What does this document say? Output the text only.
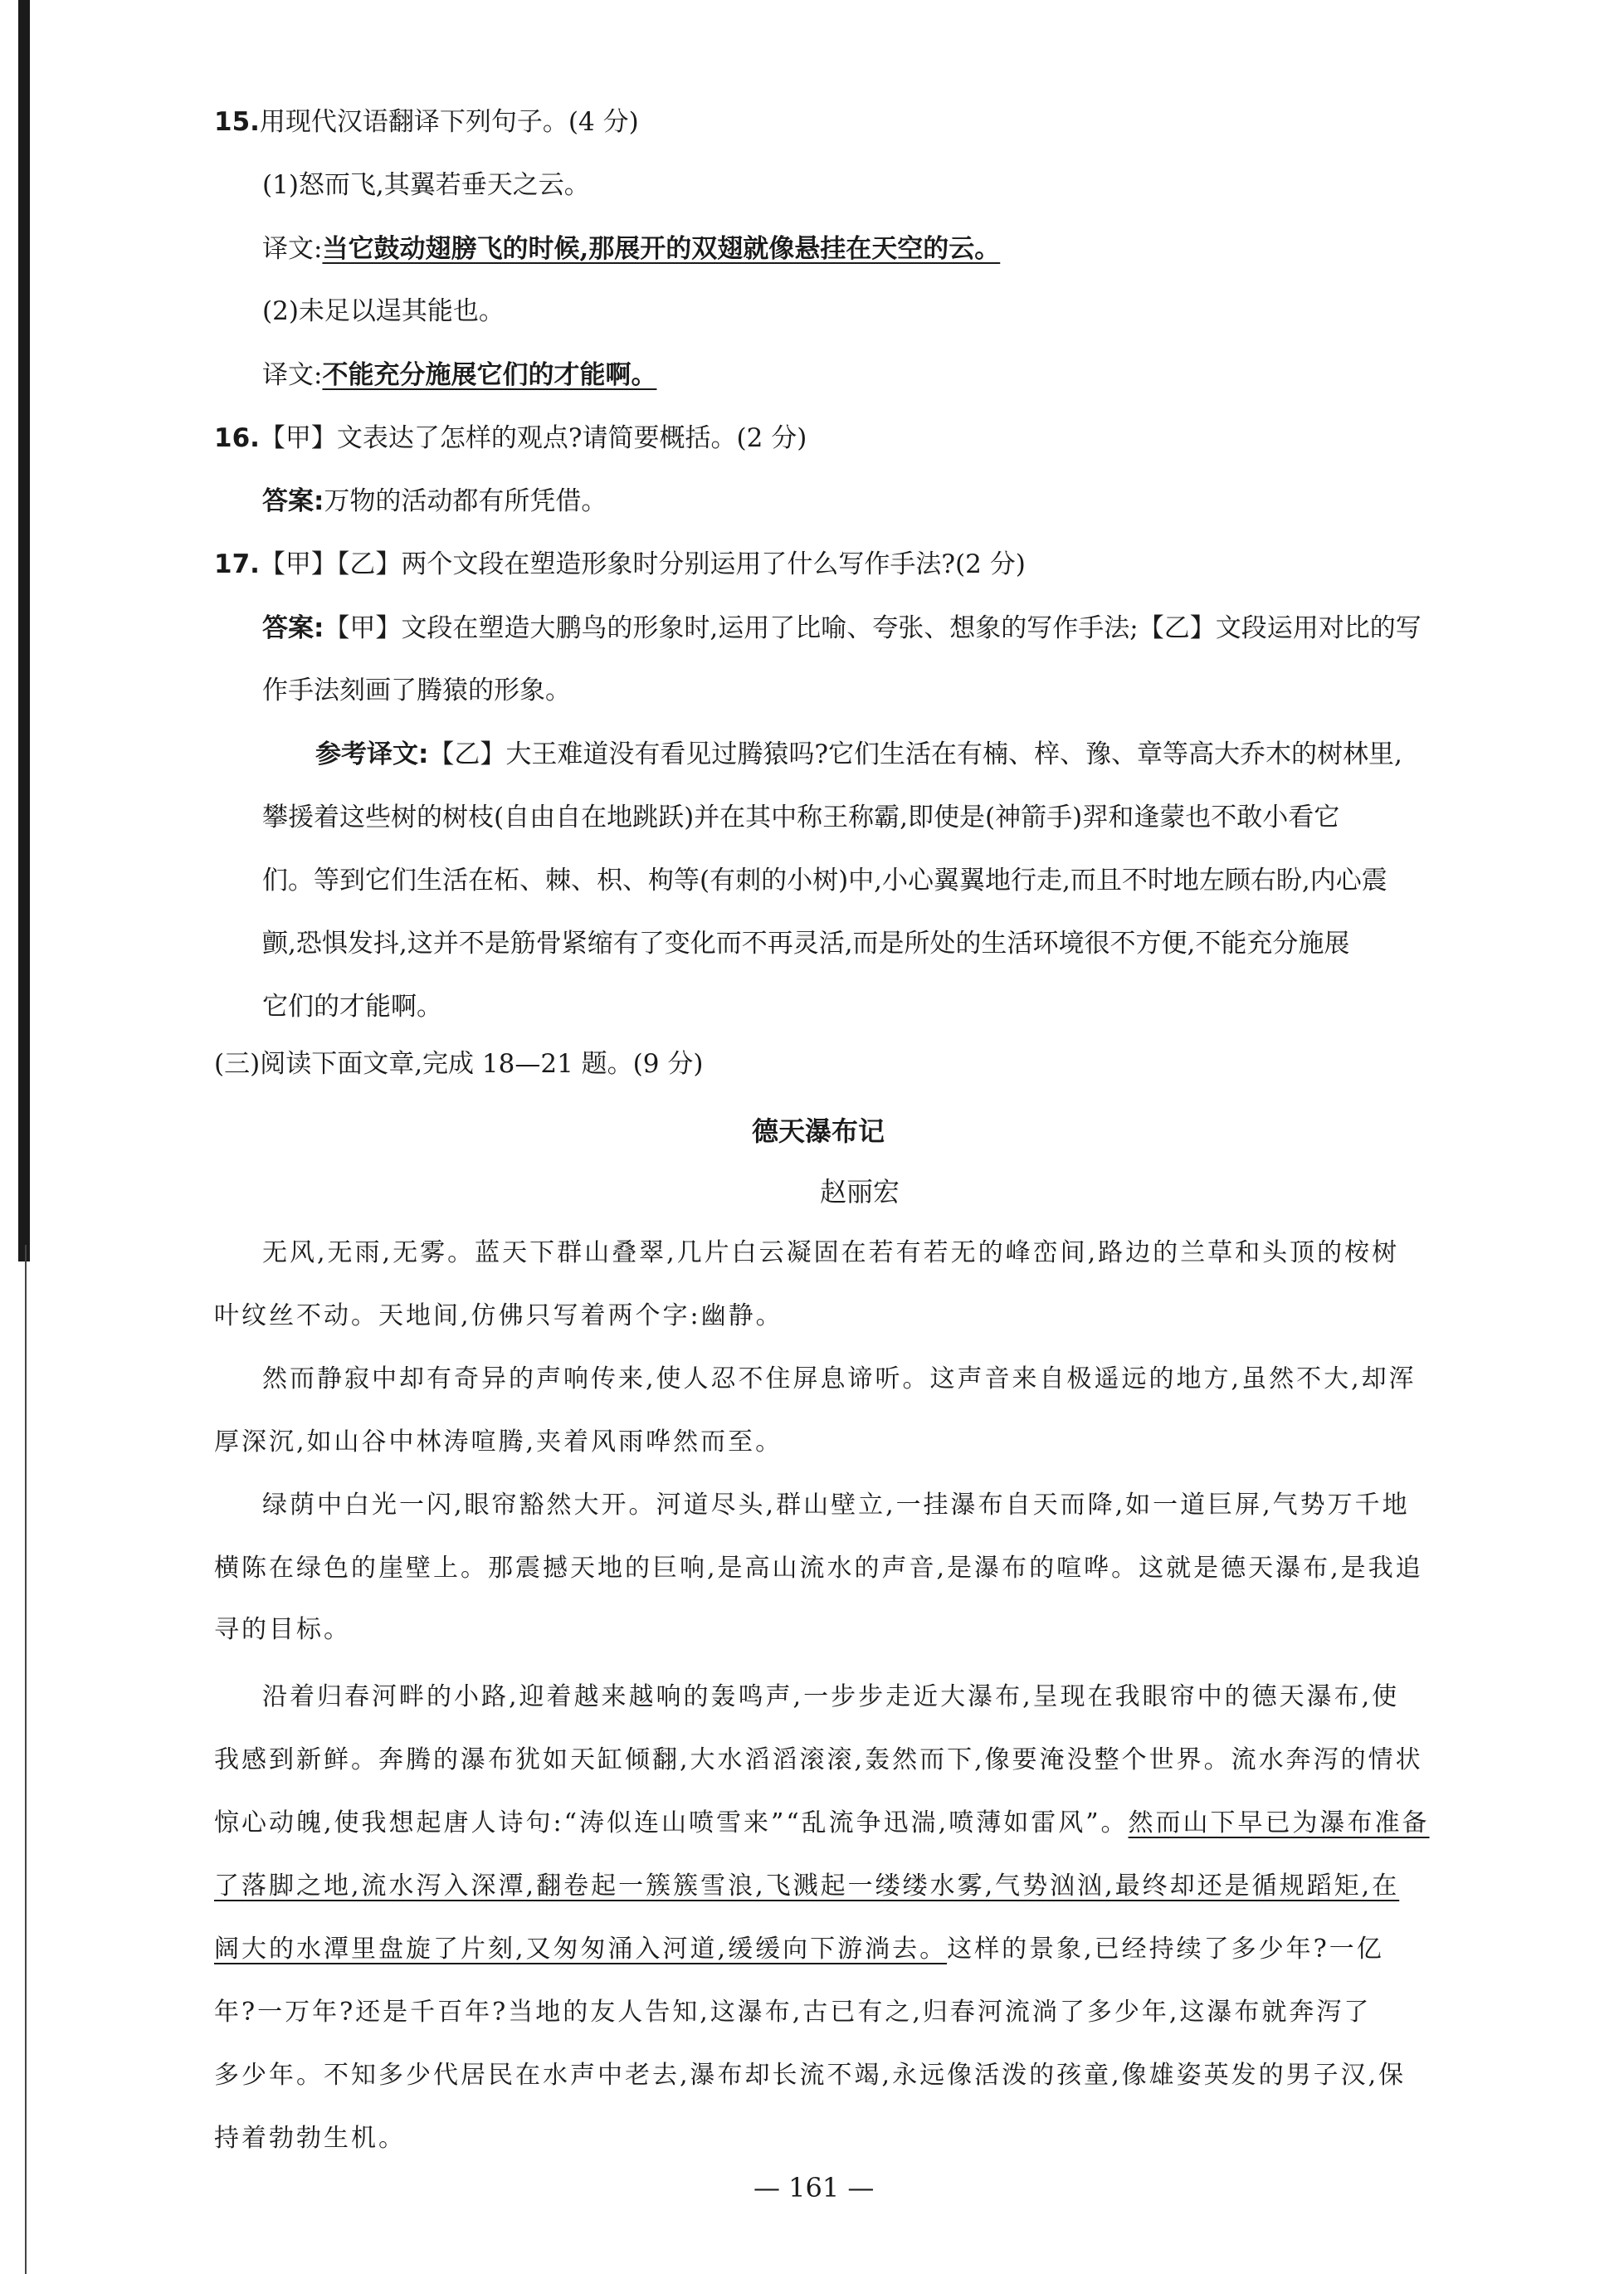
15.用现代汉语翻译下列句子。(4 分)
(1)怒而飞,其翼若垂天之云。
译文:当它鼓动翅膀飞的时候,那展开的双翅就像悬挂在天空的云。
(2)未足以逞其能也。
译文:不能充分施展它们的才能啊。
16.【甲】文表达了怎样的观点?请简要概括。(2 分)
答案:万物的活动都有所凭借。
17.【甲】【乙】两个文段在塑造形象时分别运用了什么写作手法?(2 分)
答案:【甲】文段在塑造大鹏鸟的形象时,运用了比喻、夸张、想象的写作手法;【乙】文段运用对比的写
作手法刻画了腾猿的形象。
参考译文:【乙】大王难道没有看见过腾猿吗?它们生活在有楠、梓、豫、章等高大乔木的树林里,
攀援着这些树的树枝(自由自在地跳跃)并在其中称王称霸,即使是(神箭手)羿和逢蒙也不敢小看它
们。等到它们生活在柘、棘、枳、枸等(有刺的小树)中,小心翼翼地行走,而且不时地左顾右盼,内心震
颤,恐惧发抖,这并不是筋骨紧缩有了变化而不再灵活,而是所处的生活环境很不方便,不能充分施展
它们的才能啊。
(三)阅读下面文章,完成 18—21 题。(9 分)
德天瀑布记
赵丽宏
无风,无雨,无雾。蓝天下群山叠翠,几片白云凝固在若有若无的峰峦间,路边的兰草和头顶的桉树
叶纹丝不动。天地间,仿佛只写着两个字:幽静。
然而静寂中却有奇异的声响传来,使人忍不住屏息谛听。这声音来自极遥远的地方,虽然不大,却浑
厚深沉,如山谷中林涛喧腾,夹着风雨哗然而至。
绿荫中白光一闪,眼帘豁然大开。河道尽头,群山壁立,一挂瀑布自天而降,如一道巨屏,气势万千地
横陈在绿色的崖壁上。那震撼天地的巨响,是高山流水的声音,是瀑布的喧哗。这就是德天瀑布,是我追
寻的目标。
沿着归春河畔的小路,迎着越来越响的轰鸣声,一步步走近大瀑布,呈现在我眼帘中的德天瀑布,使
我感到新鲜。奔腾的瀑布犹如天缸倾翻,大水滔滔滚滚,轰然而下,像要淹没整个世界。流水奔泻的情状
惊心动魄,使我想起唐人诗句:“涛似连山喷雪来”“乱流争迅湍,喷薄如雷风”。然而山下早已为瀑布准备
了落脚之地,流水泻入深潭,翻卷起一簇簇雪浪,飞溅起一缕缕水雾,气势汹汹,最终却还是循规蹈矩,在
阔大的水潭里盘旋了片刻,又匆匆涌入河道,缓缓向下游淌去。这样的景象,已经持续了多少年?一亿
年?一万年?还是千百年?当地的友人告知,这瀑布,古已有之,归春河流淌了多少年,这瀑布就奔泻了
多少年。不知多少代居民在水声中老去,瀑布却长流不竭,永远像活泼的孩童,像雄姿英发的男子汉,保
持着勃勃生机。
— 161 —
